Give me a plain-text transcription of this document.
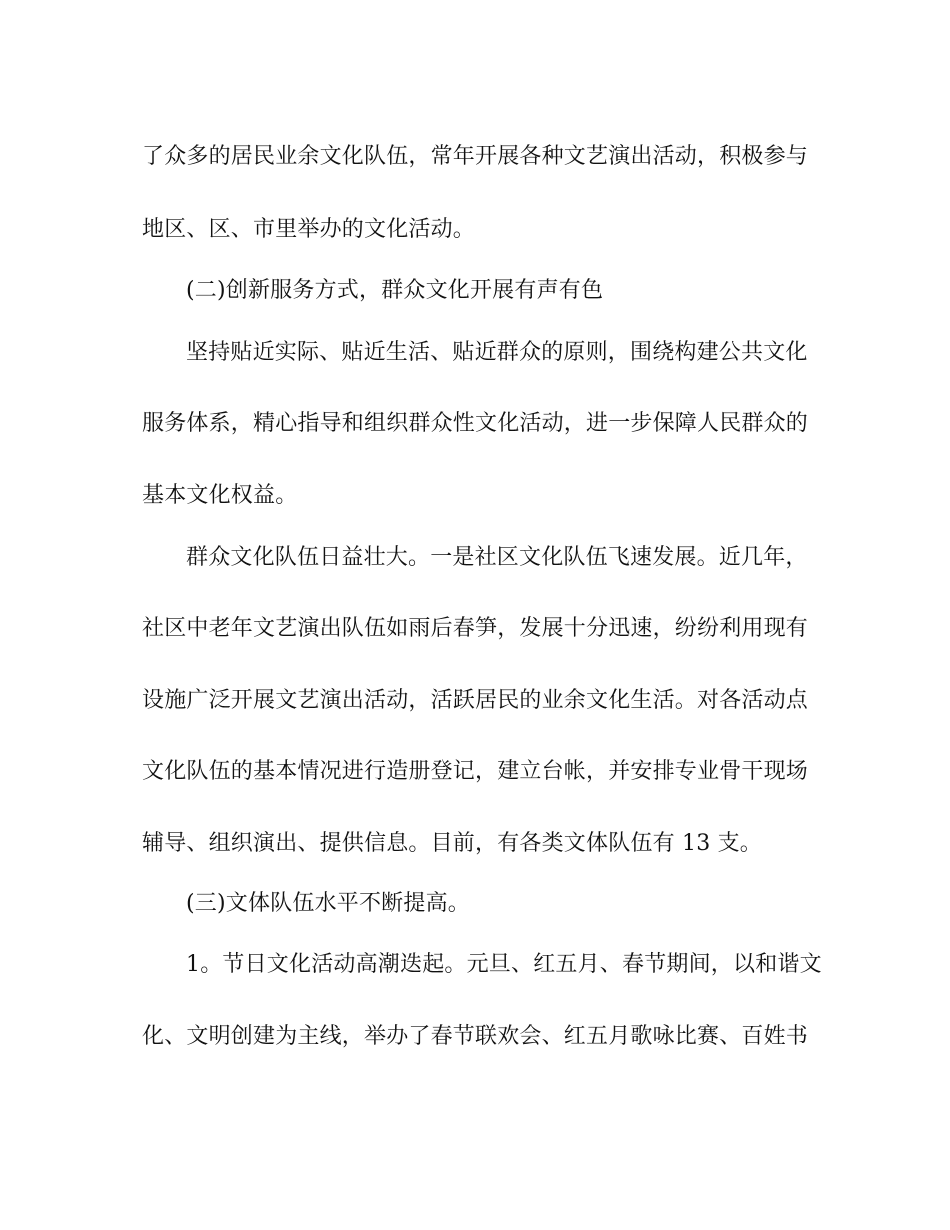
了众多的居民业余文化队伍，常年开展各种文艺演出活动，积极参与
地区、区、市里举办的文化活动。
(二)创新服务方式，群众文化开展有声有色
坚持贴近实际、贴近生活、贴近群众的原则，围绕构建公共文化
服务体系，精心指导和组织群众性文化活动，进一步保障人民群众的
基本文化权益。
群众文化队伍日益壮大。一是社区文化队伍飞速发展。近几年，
社区中老年文艺演出队伍如雨后春笋，发展十分迅速，纷纷利用现有
设施广泛开展文艺演出活动，活跃居民的业余文化生活。对各活动点
文化队伍的基本情况进行造册登记，建立台帐，并安排专业骨干现场
辅导、组织演出、提供信息。目前，有各类文体队伍有 13 支。
(三)文体队伍水平不断提高。
1。节日文化活动高潮迭起。元旦、红五月、春节期间，以和谐文
化、文明创建为主线，举办了春节联欢会、红五月歌咏比赛、百姓书
